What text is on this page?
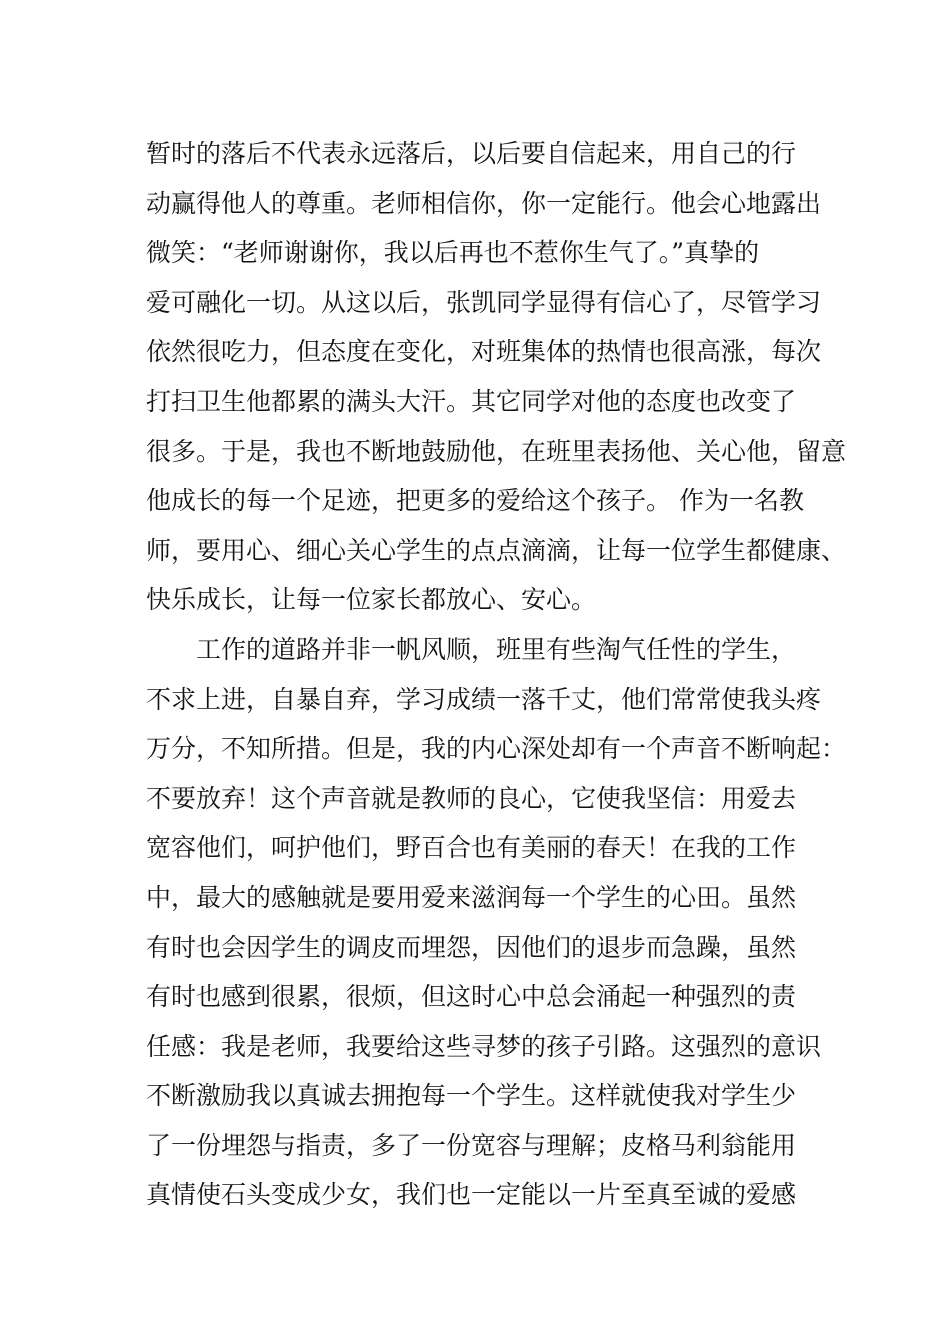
暂时的落后不代表永远落后，以后要自信起来，用自己的行
动赢得他人的尊重。老师相信你，你一定能行。他会心地露出
微笑：“老师谢谢你，我以后再也不惹你生气了。”真挚的
爱可融化一切。从这以后，张凯同学显得有信心了，尽管学习
依然很吃力，但态度在变化，对班集体的热情也很高涨，每次
打扫卫生他都累的满头大汗。其它同学对他的态度也改变了
很多。于是，我也不断地鼓励他，在班里表扬他、关心他，留意
他成长的每一个足迹，把更多的爱给这个孩子。 作为一名教
师，要用心、细心关心学生的点点滴滴，让每一位学生都健康、
快乐成长，让每一位家长都放心、安心。
工作的道路并非一帆风顺，班里有些淘气任性的学生，
不求上进，自暴自弃，学习成绩一落千丈，他们常常使我头疼
万分，不知所措。但是，我的内心深处却有一个声音不断响起：
不要放弃！这个声音就是教师的良心，它使我坚信：用爱去
宽容他们，呵护他们，野百合也有美丽的春天！在我的工作
中，最大的感触就是要用爱来滋润每一个学生的心田。虽然
有时也会因学生的调皮而埋怨，因他们的退步而急躁，虽然
有时也感到很累，很烦，但这时心中总会涌起一种强烈的责
任感：我是老师，我要给这些寻梦的孩子引路。这强烈的意识
不断激励我以真诚去拥抱每一个学生。这样就使我对学生少
了一份埋怨与指责，多了一份宽容与理解；皮格马利翁能用
真情使石头变成少女，我们也一定能以一片至真至诚的爱感
